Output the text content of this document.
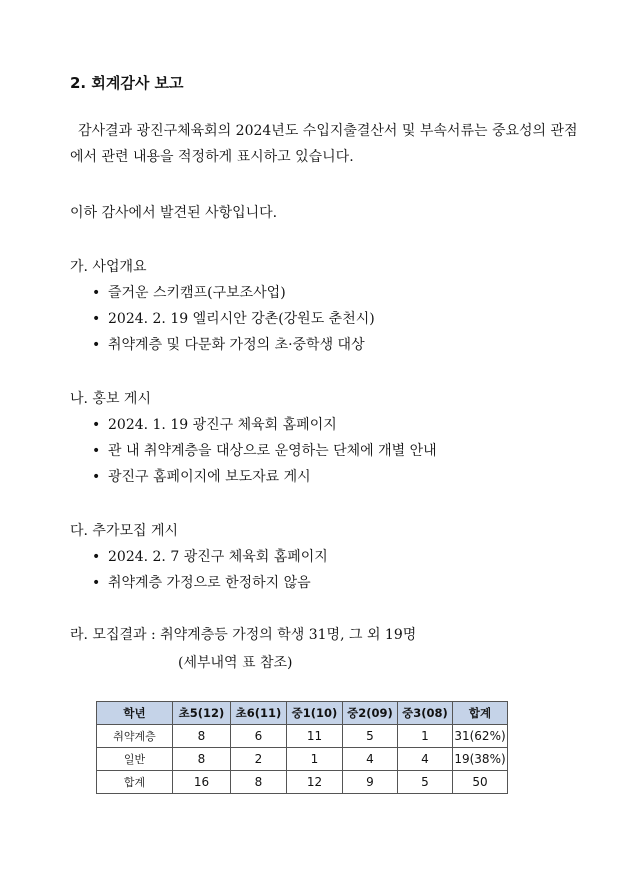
2. 회계감사 보고
감사결과 광진구체육회의 2024년도 수입지출결산서 및 부속서류는 중요성의 관점에서 관련 내용을 적정하게 표시하고 있습니다.
이하 감사에서 발견된 사항입니다.
가. 사업개요
• 즐거운 스키캠프(구보조사업)
• 2024. 2. 19 엘리시안 강촌(강원도 춘천시)
• 취약계층 및 다문화 가정의 초·중학생 대상
나. 홍보 게시
• 2024. 1. 19 광진구 체육회 홈페이지
• 관 내 취약계층을 대상으로 운영하는 단체에 개별 안내
• 광진구 홈페이지에 보도자료 게시
다. 추가모집 게시
• 2024. 2. 7 광진구 체육회 홈페이지
• 취약계층 가정으로 한정하지 않음
라. 모집결과 : 취약계층등 가정의 학생 31명, 그 외 19명
(세부내역 표 참조)
학년	초5(12)	초6(11)	중1(10)	중2(09)	중3(08)	합계
취약계층	8	6	11	5	1	31(62%)
일반	8	2	1	4	4	19(38%)
합계	16	8	12	9	5	50
